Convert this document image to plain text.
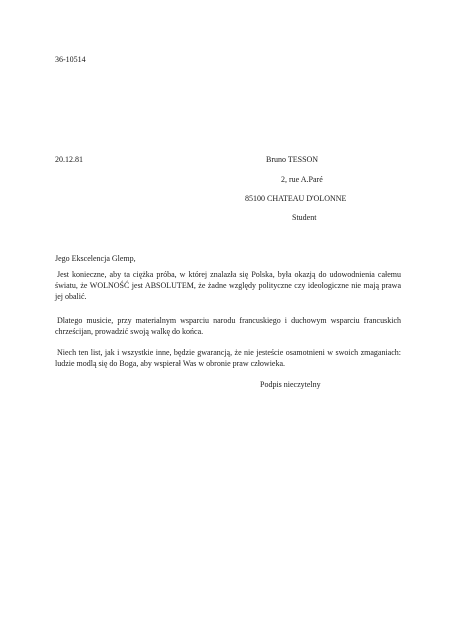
36-10514
20.12.81	Bruno TESSON
2, rue A.Paré
85100 CHATEAU D'OLONNE
Student
Jego Ekscelencja Glemp,
Jest konieczne, aby ta ciężka próba, w której znalazła się Polska, była okazją do udowodnienia całemu światu, że WOLNOŚĆ jest ABSOLUTEM, że żadne względy polityczne czy ideologiczne nie mają prawa jej obalić.
Dlatego musicie, przy materialnym wsparciu narodu francuskiego i duchowym wsparciu francuskich chrześcijan, prowadzić swoją walkę do końca.
Niech ten list, jak i wszystkie inne, będzie gwarancją, że nie jesteście osamotnieni w swoich zmaganiach: ludzie modlą się do Boga, aby wspierał Was w obronie praw człowieka.
Podpis nieczytelny
